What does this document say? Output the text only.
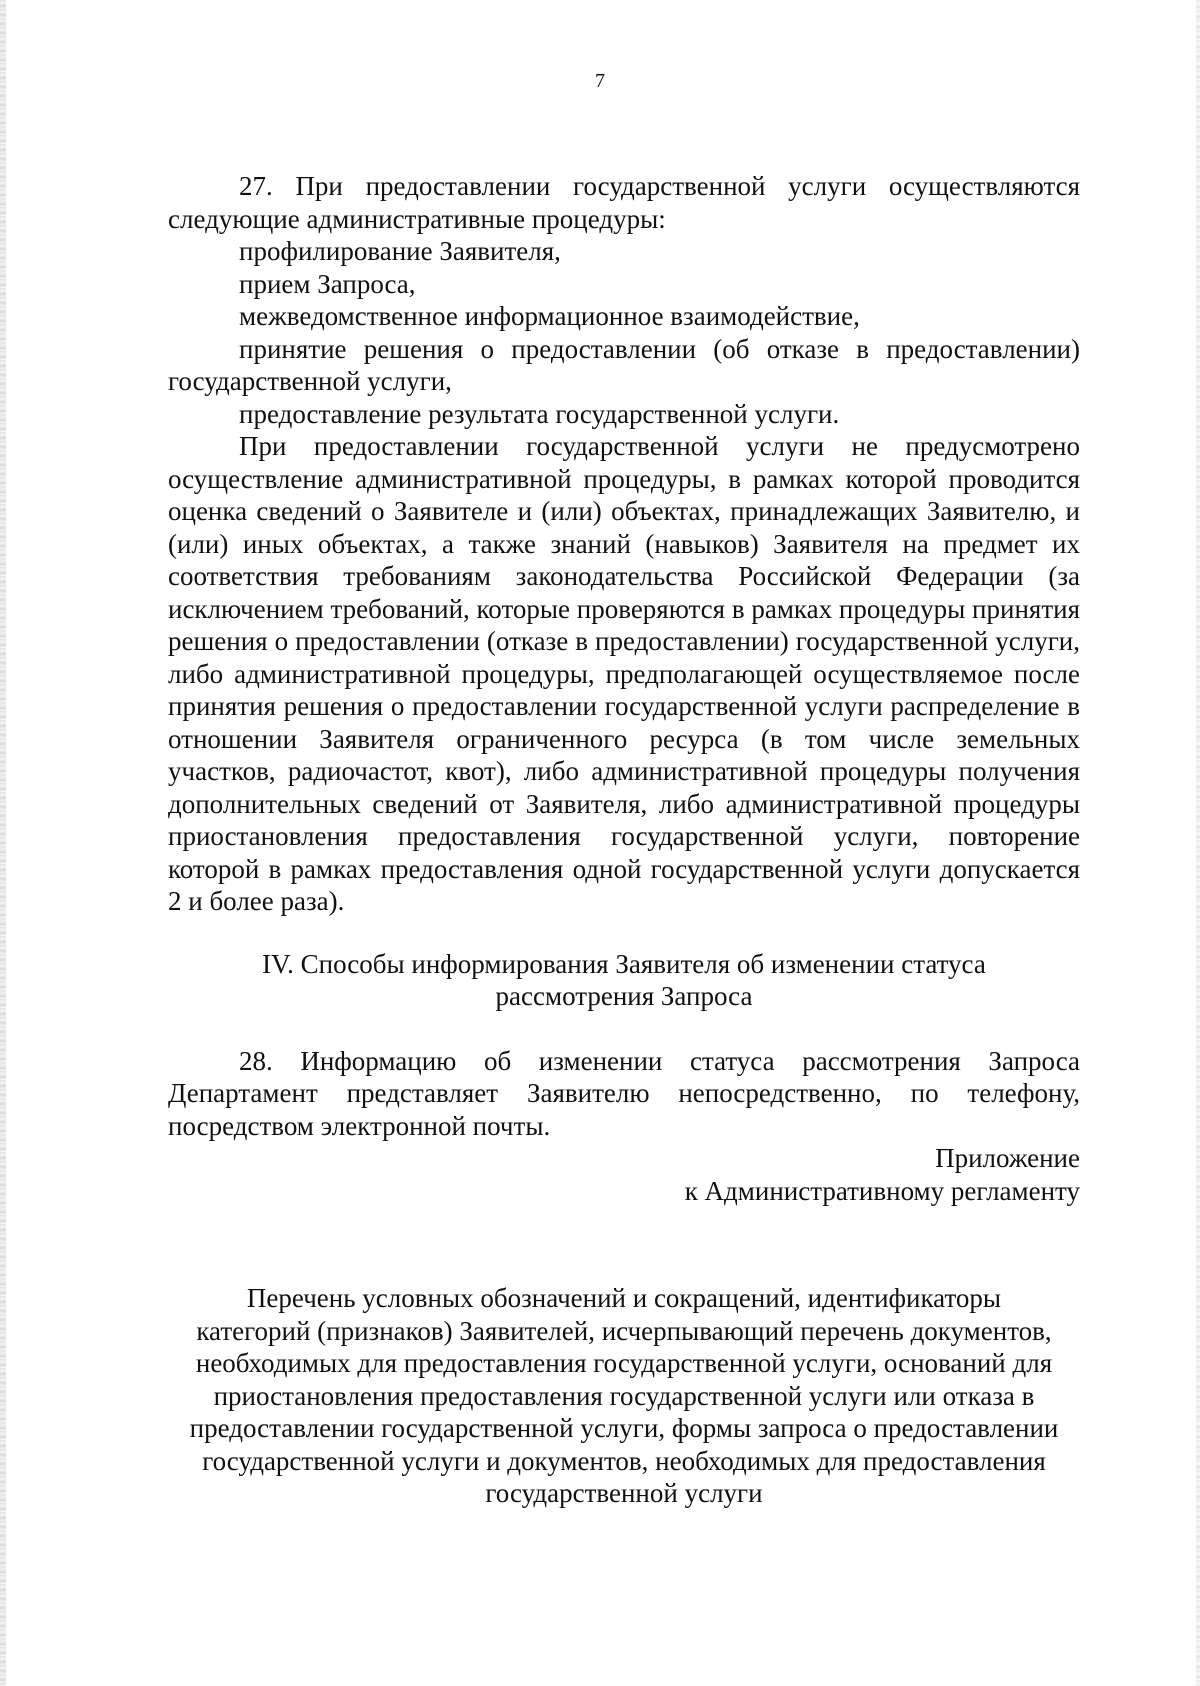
7

27. При предоставлении государственной услуги осуществляются следующие административные процедуры:

профилирование Заявителя,

прием Запроса,

межведомственное информационное взаимодействие,

принятие решения о предоставлении (об отказе в предоставлении) государственной услуги,

предоставление результата государственной услуги.

При предоставлении государственной услуги не предусмотрено осуществление административной процедуры, в рамках которой проводится оценка сведений о Заявителе и (или) объектах, принадлежащих Заявителю, и (или) иных объектах, а также знаний (навыков) Заявителя на предмет их соответствия требованиям законодательства Российской Федерации (за исключением требований, которые проверяются в рамках процедуры принятия решения о предоставлении (отказе в предоставлении) государственной услуги, либо административной процедуры, предполагающей осуществляемое после принятия решения о предоставлении государственной услуги распределение в отношении Заявителя ограниченного ресурса (в том числе земельных участков, радиочастот, квот), либо административной процедуры получения дополнительных сведений от Заявителя, либо административной процедуры приостановления предоставления государственной услуги, повторение которой в рамках предоставления одной государственной услуги допускается 2 и более раза).

IV. Способы информирования Заявителя об изменении статуса
рассмотрения Запроса

28. Информацию об изменении статуса рассмотрения Запроса Департамент представляет Заявителю непосредственно, по телефону, посредством электронной почты.

Приложение
к Административному регламенту
Перечень условных обозначений и сокращений, идентификаторы
категорий (признаков) Заявителей, исчерпывающий перечень документов,
необходимых для предоставления государственной услуги, оснований для
приостановления предоставления государственной услуги или отказа в
предоставлении государственной услуги, формы запроса о предоставлении
государственной услуги и документов, необходимых для предоставления
государственной услуги
